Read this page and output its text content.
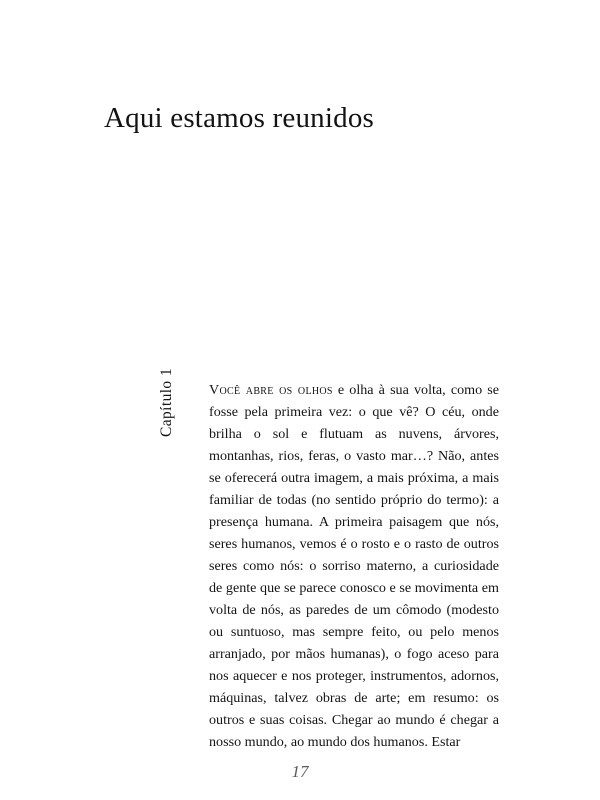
Aqui estamos reunidos
Capítulo 1	Você abre os olhos e olha à sua volta, como se fosse pela primeira vez: o que vê? O céu, onde brilha o sol e flutuam as nuvens, árvores, montanhas, rios, feras, o vasto mar…? Não, antes se oferecerá outra imagem, a mais próxima, a mais familiar de todas (no sentido próprio do termo): a presença humana. A primeira paisagem que nós, seres humanos, vemos é o rosto e o rasto de outros seres como nós: o sorriso materno, a curiosidade de gente que se parece conosco e se movimenta em volta de nós, as paredes de um cômodo (modesto ou suntuoso, mas sempre feito, ou pelo menos arranjado, por mãos humanas), o fogo aceso para nos aquecer e nos proteger, instrumentos, adornos, máquinas, talvez obras de arte; em resumo: os outros e suas coisas. Chegar ao mundo é chegar a nosso mundo, ao mundo dos humanos. Estar

17
